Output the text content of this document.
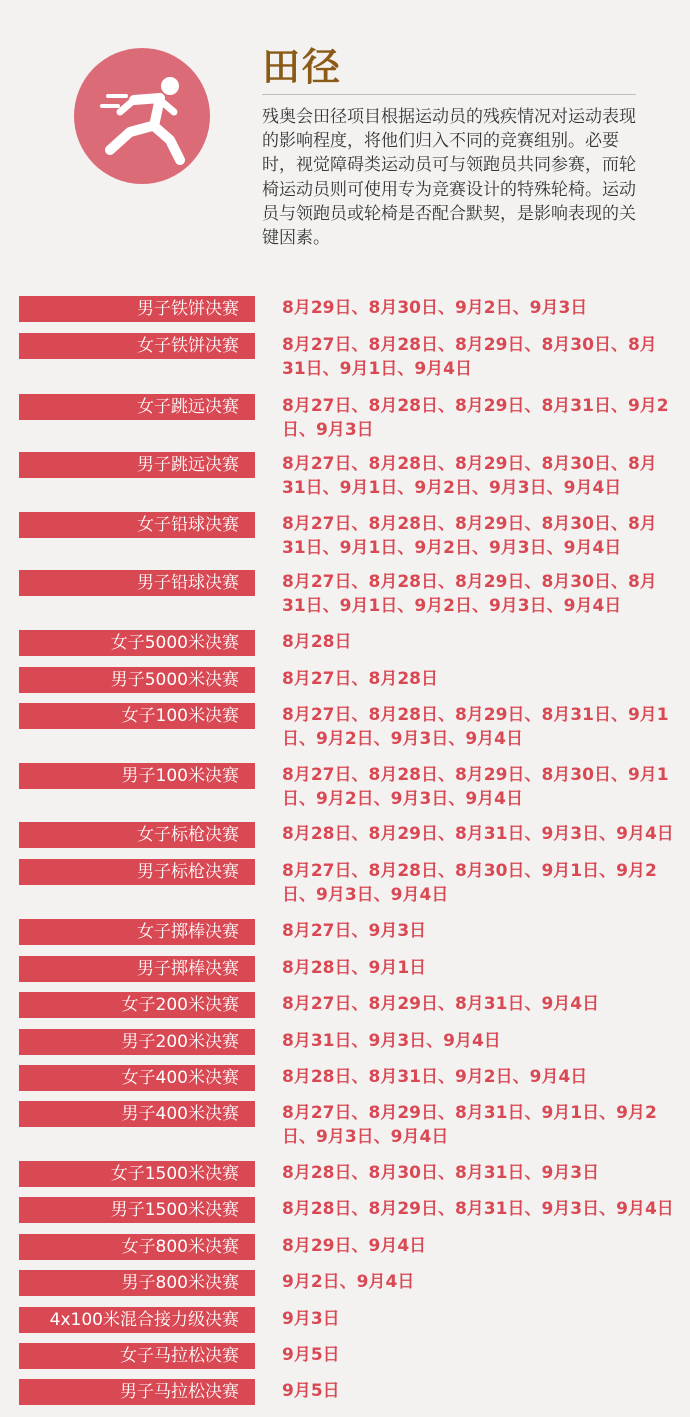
田径
残奥会田径项目根据运动员的残疾情况对运动表现的影响程度，将他们归入不同的竞赛组别。必要时，视觉障碍类运动员可与领跑员共同参赛，而轮椅运动员则可使用专为竞赛设计的特殊轮椅。运动员与领跑员或轮椅是否配合默契，是影响表现的关键因素。
男子铁饼决赛	8月29日、8月30日、9月2日、9月3日
女子铁饼决赛	8月27日、8月28日、8月29日、8月30日、8月31日、9月1日、9月4日
女子跳远决赛	8月27日、8月28日、8月29日、8月31日、9月2日、9月3日
男子跳远决赛	8月27日、8月28日、8月29日、8月30日、8月31日、9月1日、9月2日、9月3日、9月4日
女子铅球决赛	8月27日、8月28日、8月29日、8月30日、8月31日、9月1日、9月2日、9月3日、9月4日
男子铅球决赛	8月27日、8月28日、8月29日、8月30日、8月31日、9月1日、9月2日、9月3日、9月4日
女子5000米决赛	8月28日
男子5000米决赛	8月27日、8月28日
女子100米决赛	8月27日、8月28日、8月29日、8月31日、9月1日、9月2日、9月3日、9月4日
男子100米决赛	8月27日、8月28日、8月29日、8月30日、9月1日、9月2日、9月3日、9月4日
女子标枪决赛	8月28日、8月29日、8月31日、9月3日、9月4日
男子标枪决赛	8月27日、8月28日、8月30日、9月1日、9月2日、9月3日、9月4日
女子掷棒决赛	8月27日、9月3日
男子掷棒决赛	8月28日、9月1日
女子200米决赛	8月27日、8月29日、8月31日、9月4日
男子200米决赛	8月31日、9月3日、9月4日
女子400米决赛	8月28日、8月31日、9月2日、9月4日
男子400米决赛	8月27日、8月29日、8月31日、9月1日、9月2日、9月3日、9月4日
女子1500米决赛	8月28日、8月30日、8月31日、9月3日
男子1500米决赛	8月28日、8月29日、8月31日、9月3日、9月4日
女子800米决赛	8月29日、9月4日
男子800米决赛	9月2日、9月4日
4x100米混合接力级决赛	9月3日
女子马拉松决赛	9月5日
男子马拉松决赛	9月5日
